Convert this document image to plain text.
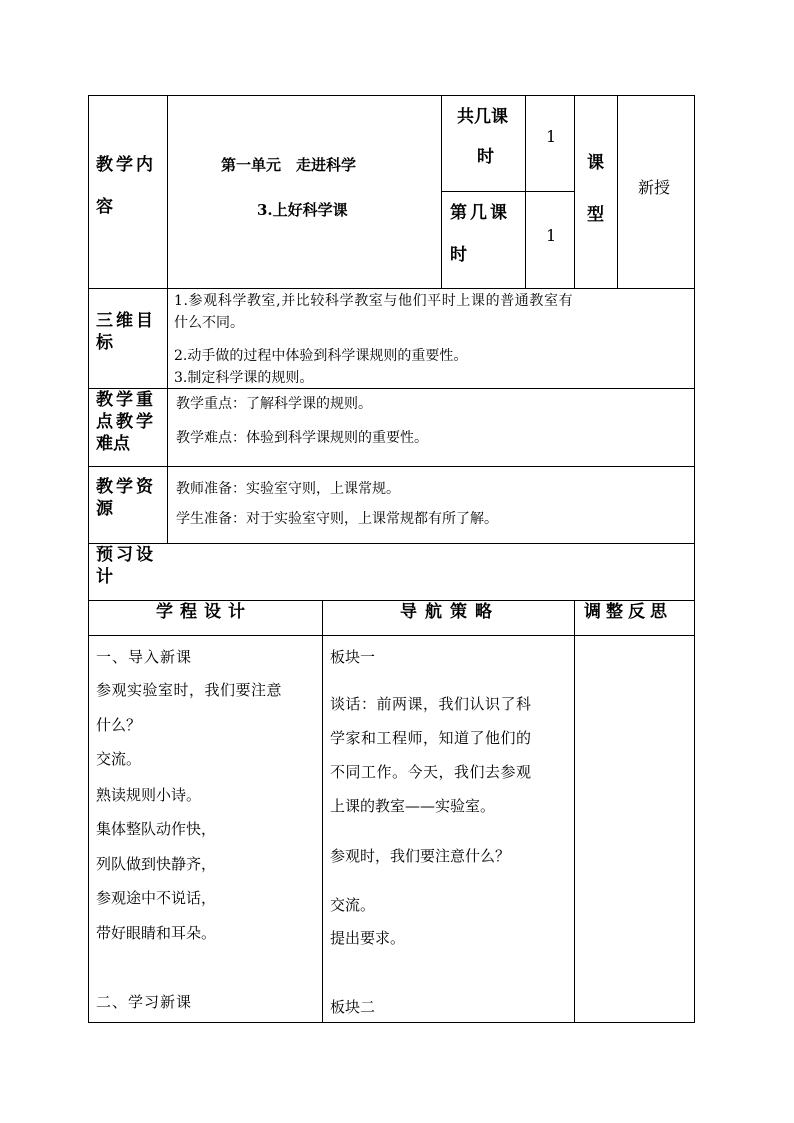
教学内
容
第一单元　走进科学
3.上好科学课
共几课
时
1
第几课
时
1
课
型
新授
三维目
标
1.参观科学教室,并比较科学教室与他们平时上课的普通教室有
什么不同。
2.动手做的过程中体验到科学课规则的重要性。
3.制定科学课的规则。
教学重
点教学
难点
教学重点：了解科学课的规则。
教学难点：体验到科学课规则的重要性。
教学资
源
教师准备：实验室守则，上课常规。
学生准备：对于实验室守则，上课常规都有所了解。
预习设
计
学程设计	导航策略	调整反思
一、导入新课
参观实验室时，我们要注意
什么？
交流。
熟读规则小诗。
集体整队动作快，
列队做到快静齐，
参观途中不说话，
带好眼睛和耳朵。
二、学习新课
板块一
谈话：前两课，我们认识了科
学家和工程师，知道了他们的
不同工作。今天，我们去参观
上课的教室——实验室。
参观时，我们要注意什么？
交流。
提出要求。
板块二
